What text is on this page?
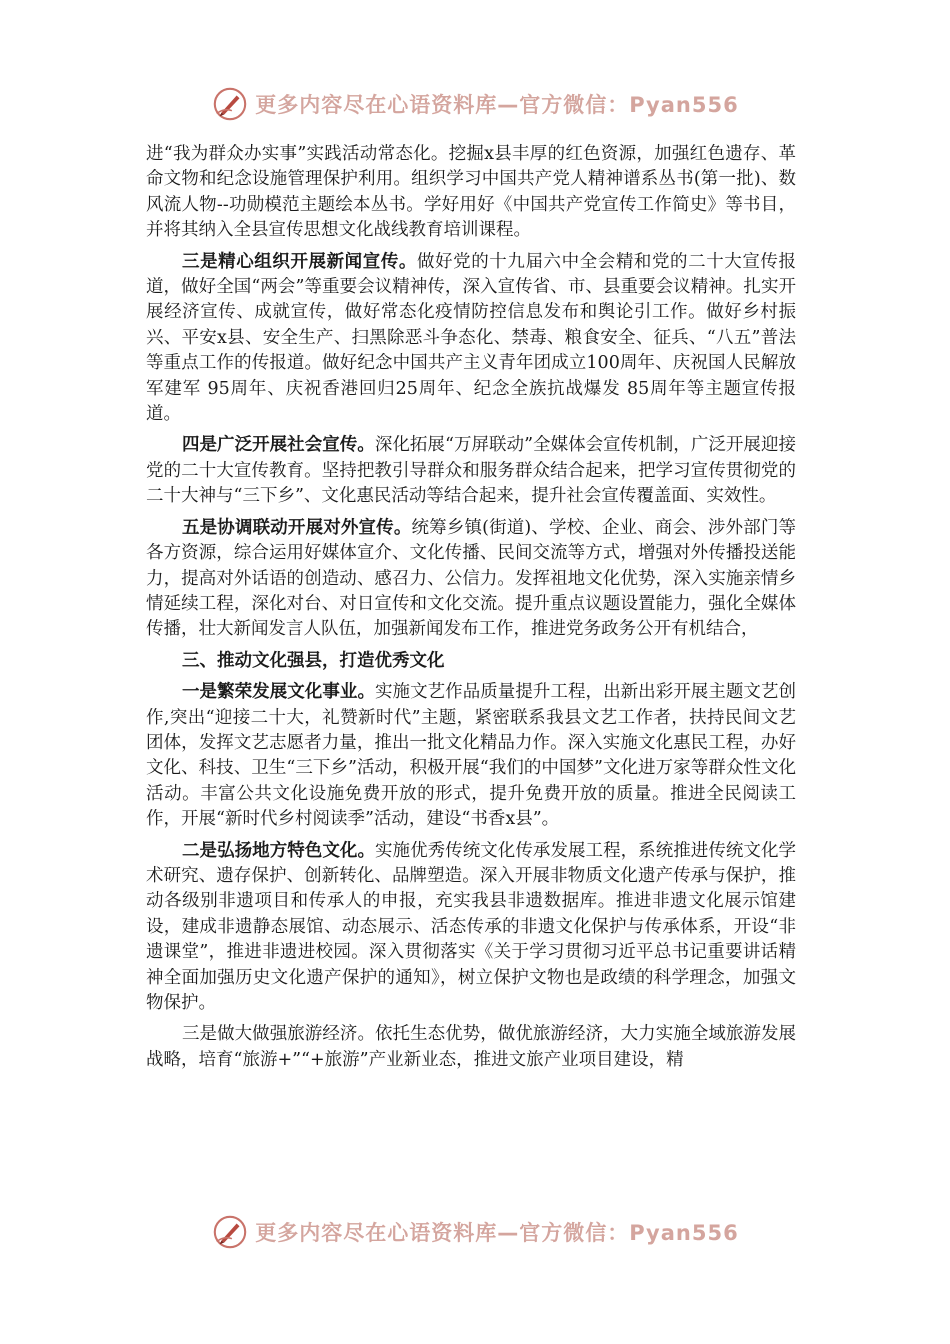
更多内容尽在心语资料库—官方微信：Pyan556

进“我为群众办实事”实践活动常态化。挖掘x县丰厚的红色资源，加强红色遗存、革命文物和纪念设施管理保护利用。组织学习中国共产党人精神谱系丛书(第一批)、数风流人物--功勋模范主题绘本丛书。学好用好《中国共产党宣传工作简史》等书目，并将其纳入全县宣传思想文化战线教育培训课程。

三是精心组织开展新闻宣传。做好党的十九届六中全会精和党的二十大宣传报道，做好全国“两会”等重要会议精神传，深入宣传省、市、县重要会议精神。扎实开展经济宣传、成就宣传，做好常态化疫情防控信息发布和舆论引工作。做好乡村振兴、平安x县、安全生产、扫黑除恶斗争态化、禁毒、粮食安全、征兵、“八五”普法等重点工作的传报道。做好纪念中国共产主义青年团成立100周年、庆祝国人民解放军建军 95周年、庆祝香港回归25周年、纪念全族抗战爆发 85周年等主题宣传报道。

四是广泛开展社会宣传。深化拓展“万屏联动”全媒体会宣传机制，广泛开展迎接党的二十大宣传教育。坚持把教引导群众和服务群众结合起来，把学习宣传贯彻党的二十大神与“三下乡”、文化惠民活动等结合起来，提升社会宣传覆盖面、实效性。

五是协调联动开展对外宣传。统筹乡镇(街道)、学校、企业、商会、涉外部门等各方资源，综合运用好媒体宣介、文化传播、民间交流等方式，增强对外传播投送能力，提高对外话语的创造动、感召力、公信力。发挥祖地文化优势，深入实施亲情乡情延续工程，深化对台、对日宣传和文化交流。提升重点议题设置能力，强化全媒体传播，壮大新闻发言人队伍，加强新闻发布工作，推进党务政务公开有机结合，

三、推动文化强县，打造优秀文化

一是繁荣发展文化事业。实施文艺作品质量提升工程，出新出彩开展主题文艺创作,突出“迎接二十大，礼赞新时代”主题，紧密联系我县文艺工作者，扶持民间文艺团体，发挥文艺志愿者力量，推出一批文化精品力作。深入实施文化惠民工程，办好文化、科技、卫生“三下乡”活动，积极开展“我们的中国梦”文化进万家等群众性文化活动。丰富公共文化设施免费开放的形式，提升免费开放的质量。推进全民阅读工作，开展“新时代乡村阅读季”活动，建设“书香x县”。

二是弘扬地方特色文化。实施优秀传统文化传承发展工程，系统推进传统文化学术研究、遗存保护、创新转化、品牌塑造。深入开展非物质文化遗产传承与保护，推动各级别非遗项目和传承人的申报，充实我县非遗数据库。推进非遗文化展示馆建设，建成非遗静态展馆、动态展示、活态传承的非遗文化保护与传承体系，开设“非遗课堂”，推进非遗进校园。深入贯彻落实《关于学习贯彻习近平总书记重要讲话精神全面加强历史文化遗产保护的通知》，树立保护文物也是政绩的科学理念，加强文物保护。

三是做大做强旅游经济。依托生态优势，做优旅游经济，大力实施全域旅游发展战略，培育“旅游+”“+旅游”产业新业态，推进文旅产业项目建设，精

更多内容尽在心语资料库—官方微信：Pyan556
